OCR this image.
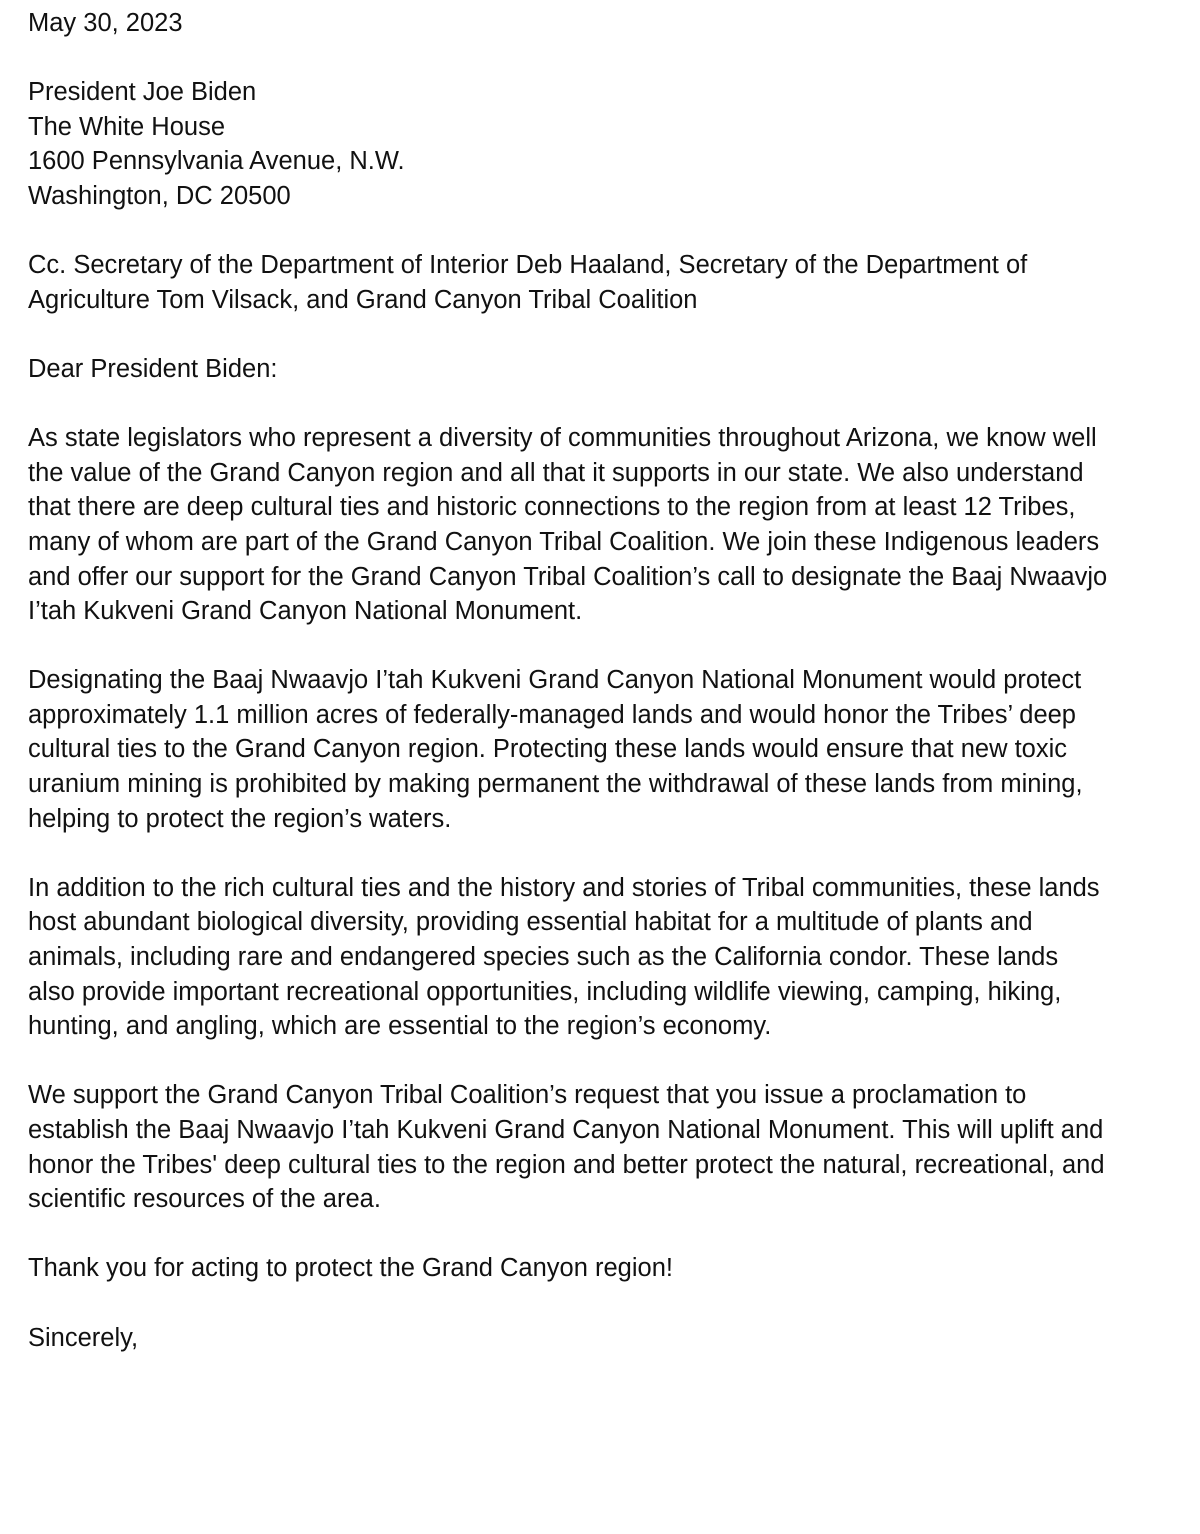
May 30, 2023
President Joe Biden
The White House
1600 Pennsylvania Avenue, N.W.
Washington, DC 20500
Cc. Secretary of the Department of Interior Deb Haaland, Secretary of the Department of
Agriculture Tom Vilsack, and Grand Canyon Tribal Coalition
Dear President Biden:
As state legislators who represent a diversity of communities throughout Arizona, we know well
the value of the Grand Canyon region and all that it supports in our state. We also understand
that there are deep cultural ties and historic connections to the region from at least 12 Tribes,
many of whom are part of the Grand Canyon Tribal Coalition. We join these Indigenous leaders
and offer our support for the Grand Canyon Tribal Coalition’s call to designate the Baaj Nwaavjo
I’tah Kukveni Grand Canyon National Monument.
Designating the Baaj Nwaavjo I’tah Kukveni Grand Canyon National Monument would protect
approximately 1.1 million acres of federally-managed lands and would honor the Tribes’ deep
cultural ties to the Grand Canyon region. Protecting these lands would ensure that new toxic
uranium mining is prohibited by making permanent the withdrawal of these lands from mining,
helping to protect the region’s waters.
In addition to the rich cultural ties and the history and stories of Tribal communities, these lands
host abundant biological diversity, providing essential habitat for a multitude of plants and
animals, including rare and endangered species such as the California condor. These lands
also provide important recreational opportunities, including wildlife viewing, camping, hiking,
hunting, and angling, which are essential to the region’s economy.
We support the Grand Canyon Tribal Coalition’s request that you issue a proclamation to
establish the Baaj Nwaavjo I’tah Kukveni Grand Canyon National Monument. This will uplift and
honor the Tribes' deep cultural ties to the region and better protect the natural, recreational, and
scientific resources of the area.
Thank you for acting to protect the Grand Canyon region!
Sincerely,
